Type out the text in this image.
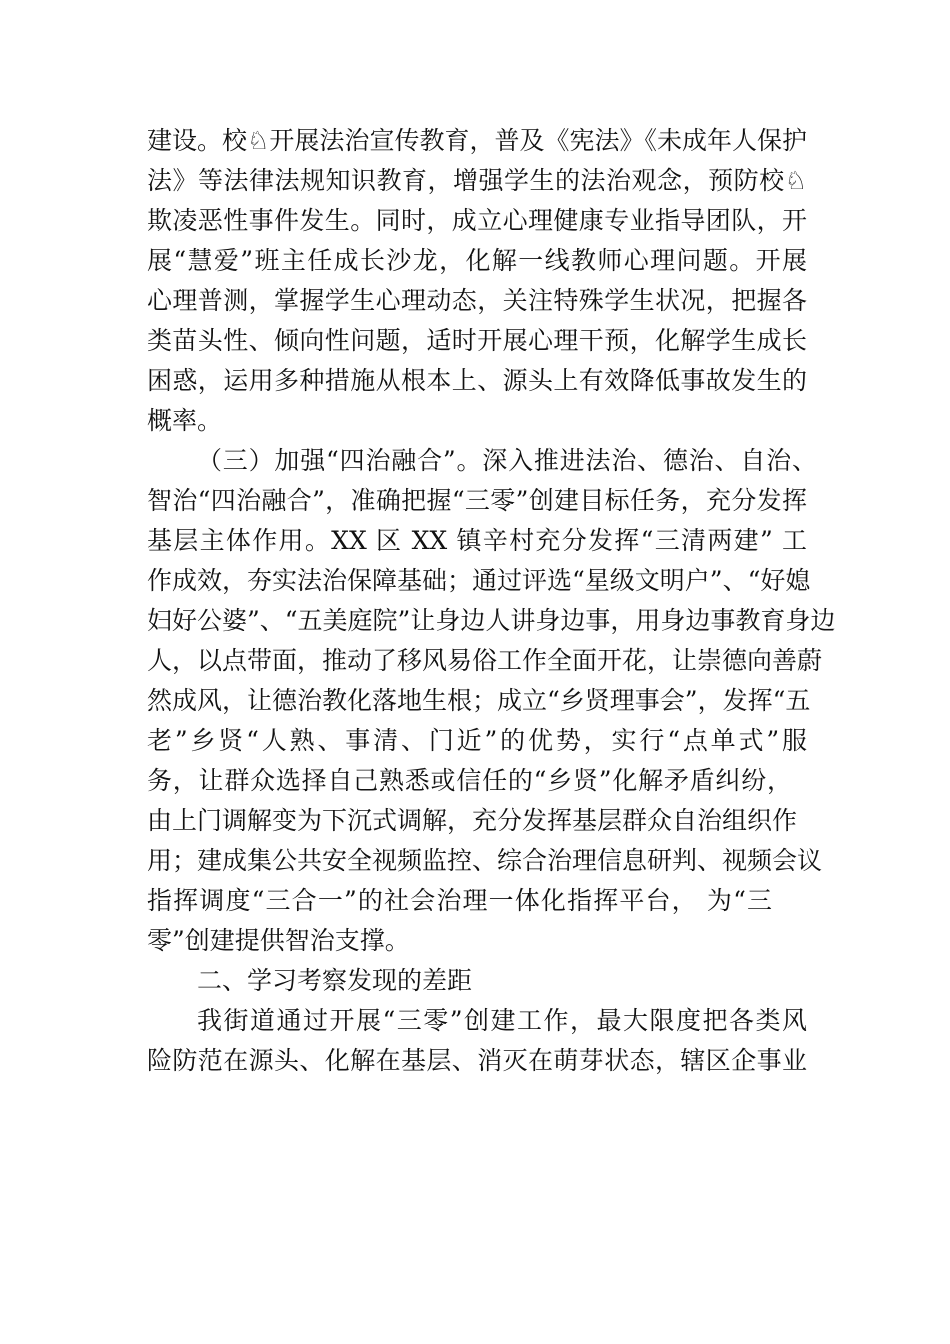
建设。校♘开展法治宣传教育，普及《宪法》《未成年人保护
法》等法律法规知识教育，增强学生的法治观念，预防校♘
欺凌恶性事件发生。同时，成立心理健康专业指导团队，开
展“慧爱”班主任成长沙龙，化解一线教师心理问题。开展
心理普测，掌握学生心理动态，关注特殊学生状况，把握各
类苗头性、倾向性问题，适时开展心理干预，化解学生成长
困惑，运用多种措施从根本上、源头上有效降低事故发生的
概率。
（三）加强“四治融合”。深入推进法治、德治、自治、
智治“四治融合”，准确把握“三零”创建目标任务，充分发挥
基层主体作用。XX 区 XX 镇辛村充分发挥“三清两建” 工
作成效，夯实法治保障基础；通过评选“星级文明户”、“好媳
妇好公婆”、“五美庭院”让身边人讲身边事，用身边事教育身边
人，以点带面，推动了移风易俗工作全面开花，让崇德向善蔚
然成风，让德治教化落地生根；成立“乡贤理事会”，发挥“五
老”乡贤“人熟、事清、门近”的优势，实行“点单式”服
务，让群众选择自己熟悉或信任的“乡贤”化解矛盾纠纷，
由上门调解变为下沉式调解，充分发挥基层群众自治组织作
用；建成集公共安全视频监控、综合治理信息研判、视频会议
指挥调度“三合一”的社会治理一体化指挥平台， 为“三
零”创建提供智治支撑。
二、学习考察发现的差距
我街道通过开展“三零”创建工作，最大限度把各类风
险防范在源头、化解在基层、消灭在萌芽状态，辖区企事业
